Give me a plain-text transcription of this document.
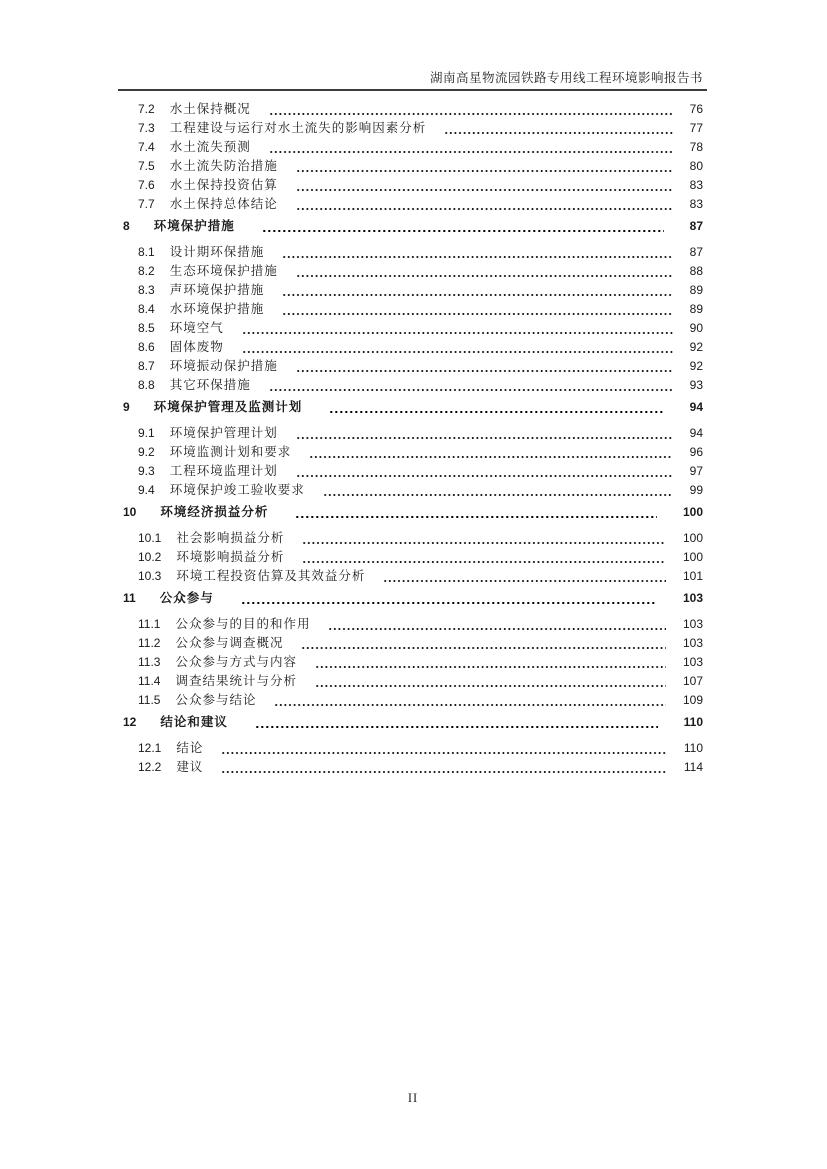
湖南高星物流园铁路专用线工程环境影响报告书
7.2 水土保持概况	76
7.3 工程建设与运行对水土流失的影响因素分析	77
7.4 水土流失预测	78
7.5 水土流失防治措施	80
7.6 水土保持投资估算	83
7.7 水土保持总体结论	83
8 环境保护措施	87
8.1 设计期环保措施	87
8.2 生态环境保护措施	88
8.3 声环境保护措施	89
8.4 水环境保护措施	89
8.5 环境空气	90
8.6 固体废物	92
8.7 环境振动保护措施	92
8.8 其它环保措施	93
9 环境保护管理及监测计划	94
9.1 环境保护管理计划	94
9.2 环境监测计划和要求	96
9.3 工程环境监理计划	97
9.4 环境保护竣工验收要求	99
10 环境经济损益分析	100
10.1 社会影响损益分析	100
10.2 环境影响损益分析	100
10.3 环境工程投资估算及其效益分析	101
11 公众参与	103
11.1 公众参与的目的和作用	103
11.2 公众参与调查概况	103
11.3 公众参与方式与内容	103
11.4 调查结果统计与分析	107
11.5 公众参与结论	109
12 结论和建议	110
12.1 结论	110
12.2 建议	114
II
